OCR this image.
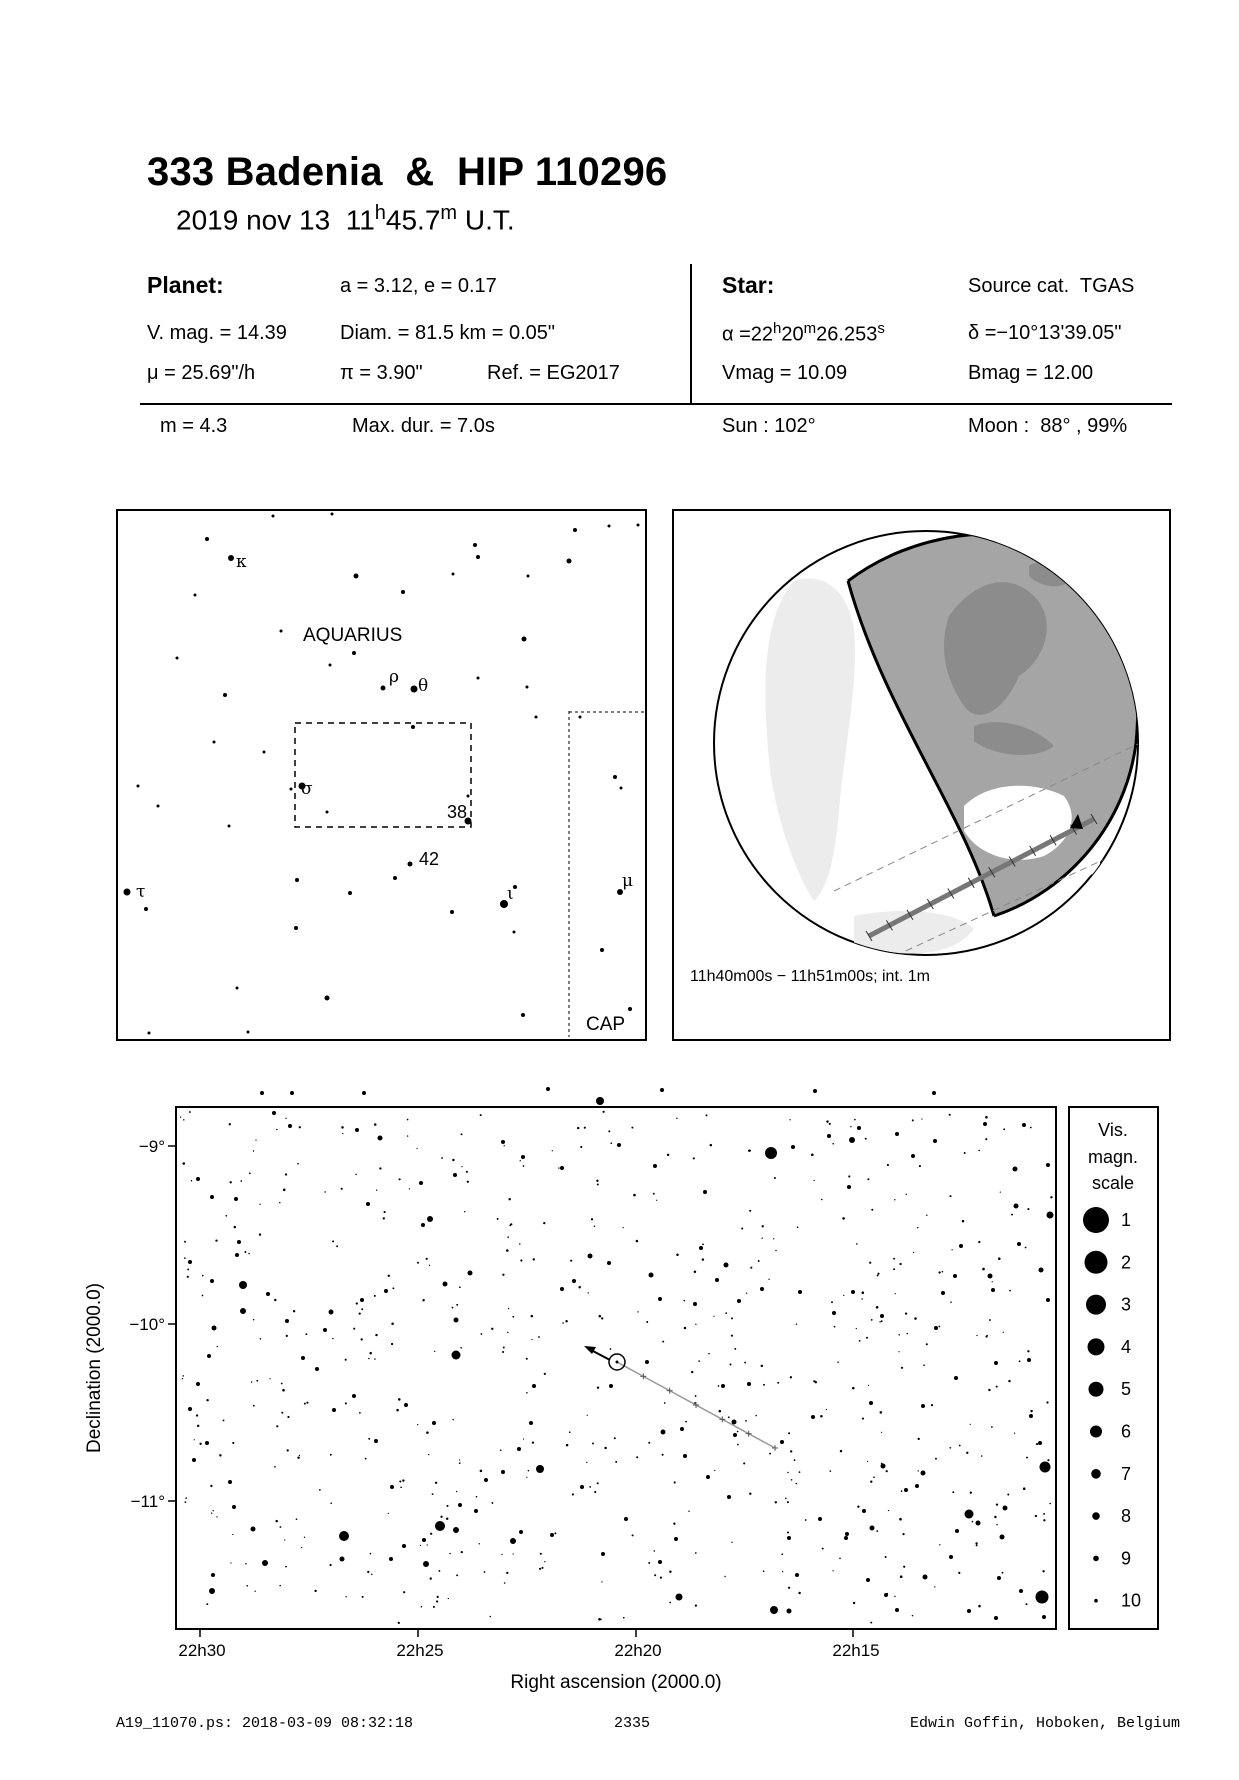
333 Badenia  &  HIP 110296
2019 nov 13 11$^h$45.7$^m$ U.T.
Planet:	a = 3.12, e = 0.17
V. mag. = 14.39	Diam. = 81.5 km = 0.05"
μ = 25.69"/h	π = 3.90"	Ref. = EG2017
m = 4.3	Max. dur. = 7.0s
Star:	Source cat.  TGAS
$\alpha =22^h20^m26.253^s$	δ =−10°13'39.05"
Vmag = 10.09	Bmag = 12.00
Sun : 102°	Moon :  88° , 99%
AQUARIUS
CAP
κ
ρ θ
σ
38
42
τ	ι
μ
11h40m00s − 11h51m00s; int. 1m
−9°
−10°
−11°
22h30	22h25	22h20	22h15
Right ascension (2000.0)
Declination (2000.0)
Vis.
magn.
scale
1
2
3
4
5
6
7
8
9
10
A19_11070.ps: 2018-03-09 08:32:18	2335	Edwin Goffin, Hoboken, Belgium
